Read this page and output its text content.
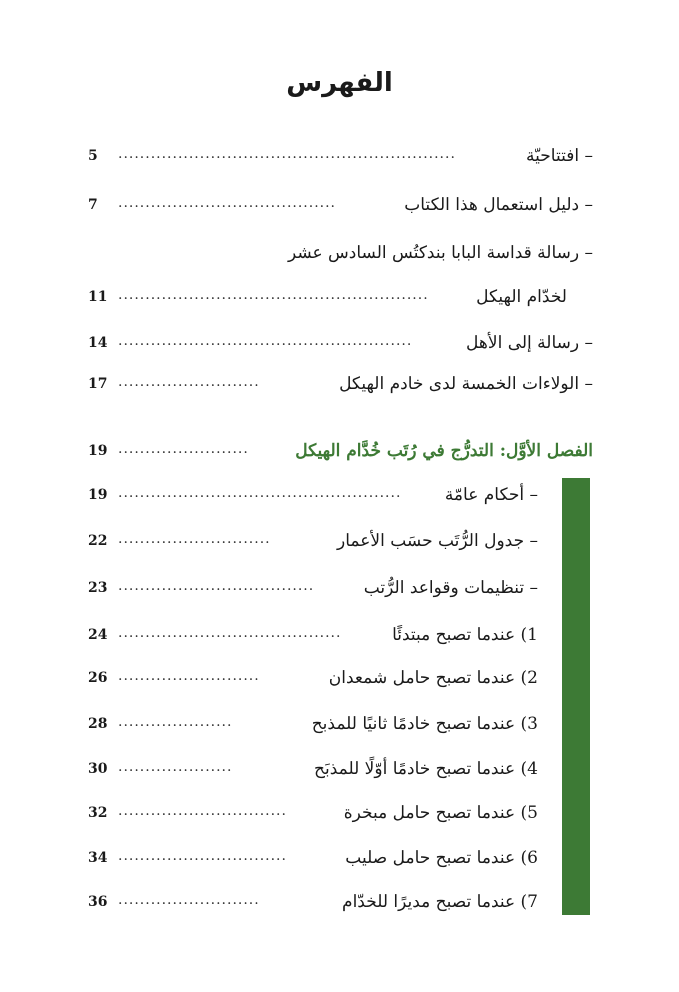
الفهرس
5 ..............................................................	– افتتاحيّة
7 ........................................	– دليل استعمال هذا الكتاب
– رسالة قداسة البابا بندكتُس السادس عشر
11 .........................................................	لخدّام الهيكل
14 ......................................................	– رسالة إلى الأهل
17 ..........................	– الولاءات الخمسة لدى خادم الهيكل
19 ........................	الفصل الأوَّل: التدرُّج في رُتَب خُدَّام الهيكل
19 ....................................................	– أحكام عامّة
22 ............................	– جدول الرُّتَب حسَب الأعمار
23 ....................................	– تنظيمات وقواعد الرُّتب
24 .........................................	1) عندما تصبح مبتدئًا
26 ..........................	2) عندما تصبح حامل شمعدان
28 .....................	3) عندما تصبح خادمًا ثانيًا للمذبح
30 .....................	4) عندما تصبح خادمًا أوّلًا للمذبَح
32 ...............................	5) عندما تصبح حامل مبخرة
34 ...............................	6) عندما تصبح حامل صليب
36 ..........................	7) عندما تصبح مديرًا للخدّام
